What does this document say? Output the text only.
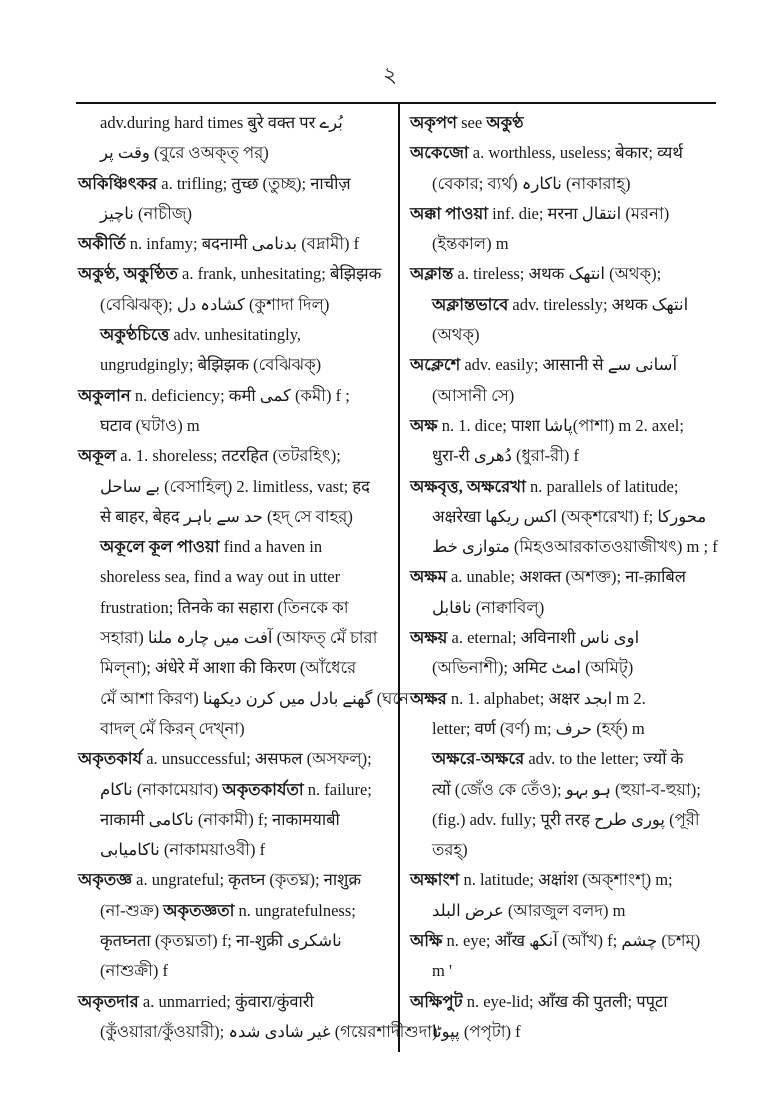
২
adv.during hard times बुरे वक्त पर بُرے
وقت پر (বুরে ওঅক্ত্ পর্)
অকিঞ্চিৎকর a. trifling; तुच्छ (তুচ্ছ); नाचीज़
ناچیز (নাচীজ্)
অকীর্তি n. infamy; बदनामी بدنامی (বদ্নামী) f
অকুণ্ঠ, অকুণ্ঠিত a. frank, unhesitating; बेझिझक
(বেঝিঝক্); کشادہ دل (কুশাদা দিল্)
অকুণ্ঠচিত্তে adv. unhesitatingly,
ungrudgingly; बेझिझक (বেঝিঝক্)
অকুলান n. deficiency; कमी کمی (কমী) f ;
घटाव (ঘটাও) m
অকূল a. 1. shoreless; तटरहित (তটরহিৎ);
بے ساحل (বেসাহিল্) 2. limitless, vast; हद
से बाहर, बेहद حد سے باہر (হদ্ সে বাহর্)
অকূলে কূল পাওয়া find a haven in
shoreless sea, find a way out in utter
frustration; तिनके का सहारा (তিনকে কা
সহারা) آفت میں چارہ ملنا (আফত্ মেঁ চারা
মিল্না); अंधेरे में आशा की किरण (আঁধেরে
মেঁ আশা কিরণ) گھنے بادل میں کرن دیکھنا (ঘনে
বাদল্ মেঁ কিরন্ দেখ্না)
অকৃতকার্য a. unsuccessful; असफल (অসফল্);
ناکام (নাকামেয়াব) অকৃতকার্যতা n. failure;
नाकामी ناکامی (নাকামী) f; नाकामयाबी
ناکامیابی (নাকাময়াওবী) f
অকৃতজ্ঞ a. ungrateful; कृतघ्न (কৃতঘ্ন); नाशुक्र
(না-শুক্র) অকৃতজ্ঞতা n. ungratefulness;
कृतघ्नता (কৃতঘ্নতা) f; ना-शुक्री ناشکری
(নাশুক্রী) f
অকৃতদার a. unmarried; कुंवारा/कुंवारी
(কুঁওয়ারা/কুঁওয়ারী); غیر شادی شدہ (গয়েরশাদীশুদা)
অকৃপণ see অকুণ্ঠ
অকেজো a. worthless, useless; बेकार; व्यर्थ
(বেকার; ব্যর্থ) ناکارہ (নাকারাহ্)
অক্কা পাওয়া inf. die; मरना انتقال (মরনা)
(ইন্তকাল) m
অক্লান্ত a. tireless; अथक انتھک (অথক্);
অক্লান্তভাবে adv. tirelessly; अथक انتھک
(অথক্)
অক্লেশে adv. easily; आसानी से آسانی سے
(আসানী সে)
অক্ষ n. 1. dice; पाशा پاشا(পাশা) m 2. axel;
धुरा-री دُھری (ধুরা-রী) f
অক্ষবৃত্ত, অক্ষরেখা n. parallels of latitude;
अक्षरेखा اکس ریکھا (অক্শরেখা) f; محورکا
متوازی خط (মিহওআরকাতওয়াজীখৎ) m ; f
অক্ষম a. unable; अशक्त (অশক্ত); ना-क़ाबिल
ناقابل (নাক্বাবিল্)
অক্ষয় a. eternal; अविनाशी اوی ناس
(অভিনাশী); अमिट امٹ (অমিট্)
অক্ষর n. 1. alphabet; अक्षर ابجد m 2.
letter; वर्ण (বর্ণ) m; حرف (হর্ফ্) m
অক্ষরে-অক্ষরে adv. to the letter; ज्यों के
त्यों (জেঁও কে তেঁও); ہو بہو (হুয়া-ব-হুয়া);
(fig.) adv. fully; पूरी तरह پوری طرح (পূরী
তরহ্)
অক্ষাংশ n. latitude; अक्षांश (অক্শাংশ্) m;
عرض البلد (আরজুল বলদ) m
অক্ষি n. eye; आँख آنکھ (আঁখ) f; چشم (চশম্)
m '
অক্ষিপুট n. eye-lid; आँख की पुतली; पपूटा
پپوٹا (পপৃটা) f
